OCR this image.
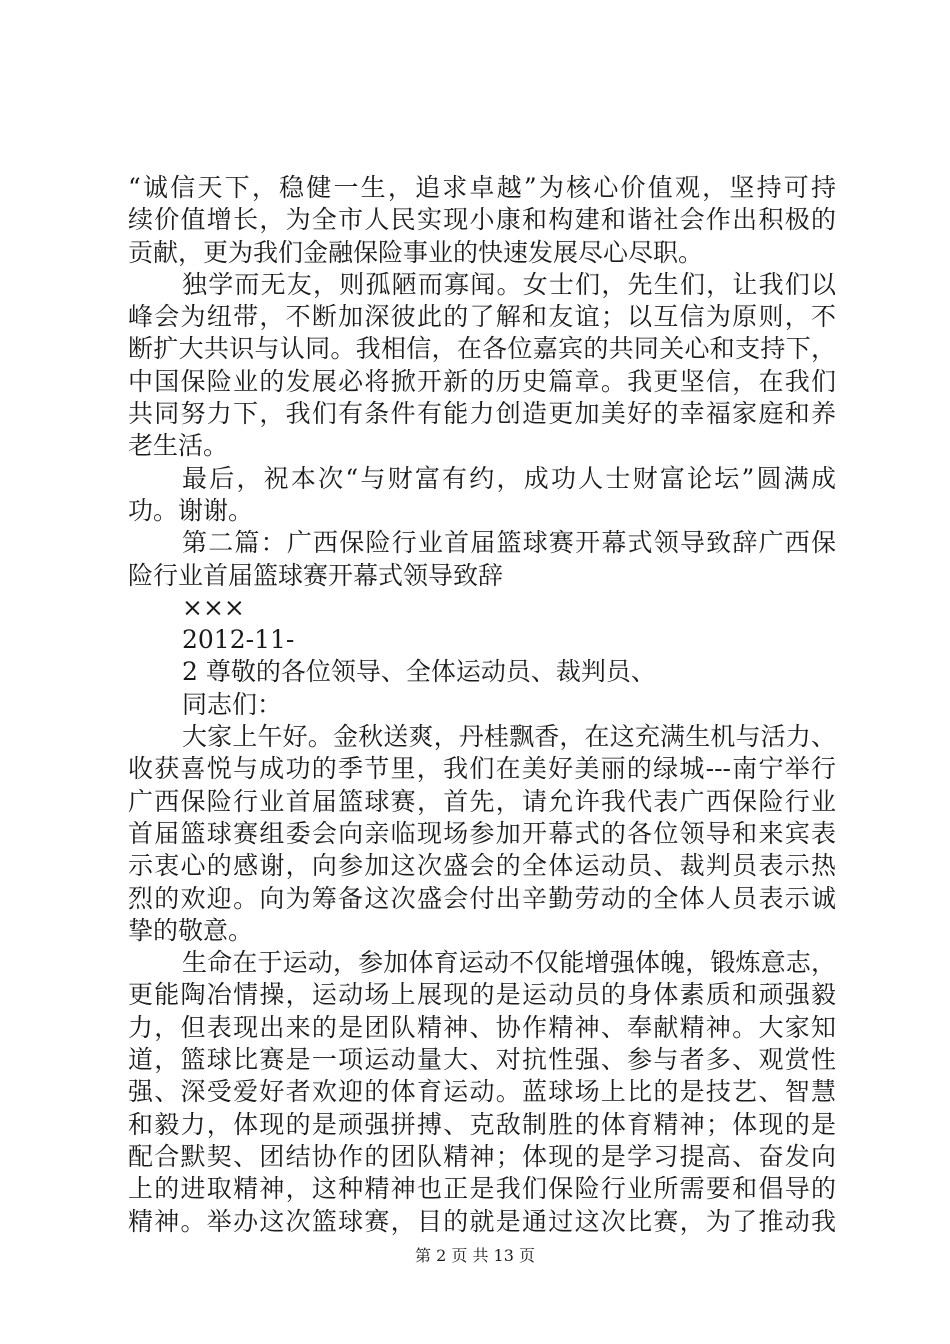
“诚信天下，稳健一生，追求卓越”为核心价值观，坚持可持
续价值增长，为全市人民实现小康和构建和谐社会作出积极的
贡献，更为我们金融保险事业的快速发展尽心尽职。
独学而无友，则孤陋而寡闻。女士们，先生们，让我们以
峰会为纽带，不断加深彼此的了解和友谊；以互信为原则，不
断扩大共识与认同。我相信，在各位嘉宾的共同关心和支持下，
中国保险业的发展必将掀开新的历史篇章。我更坚信，在我们
共同努力下，我们有条件有能力创造更加美好的幸福家庭和养
老生活。
最后，祝本次“与财富有约，成功人士财富论坛”圆满成
功。谢谢。
第二篇：广西保险行业首届篮球赛开幕式领导致辞广西保
险行业首届篮球赛开幕式领导致辞
×××
2012-11-
2 尊敬的各位领导、全体运动员、裁判员、
同志们：
大家上午好。金秋送爽，丹桂飘香，在这充满生机与活力、
收获喜悦与成功的季节里，我们在美好美丽的绿城---南宁举行
广西保险行业首届篮球赛，首先，请允许我代表广西保险行业
首届篮球赛组委会向亲临现场参加开幕式的各位领导和来宾表
示衷心的感谢，向参加这次盛会的全体运动员、裁判员表示热
烈的欢迎。向为筹备这次盛会付出辛勤劳动的全体人员表示诚
挚的敬意。
生命在于运动，参加体育运动不仅能增强体魄，锻炼意志，
更能陶冶情操，运动场上展现的是运动员的身体素质和顽强毅
力，但表现出来的是团队精神、协作精神、奉献精神。大家知
道，篮球比赛是一项运动量大、对抗性强、参与者多、观赏性
强、深受爱好者欢迎的体育运动。蓝球场上比的是技艺、智慧
和毅力，体现的是顽强拼搏、克敌制胜的体育精神；体现的是
配合默契、团结协作的团队精神；体现的是学习提高、奋发向
上的进取精神，这种精神也正是我们保险行业所需要和倡导的
精神。举办这次篮球赛，目的就是通过这次比赛，为了推动我
第 2 页 共 13 页
